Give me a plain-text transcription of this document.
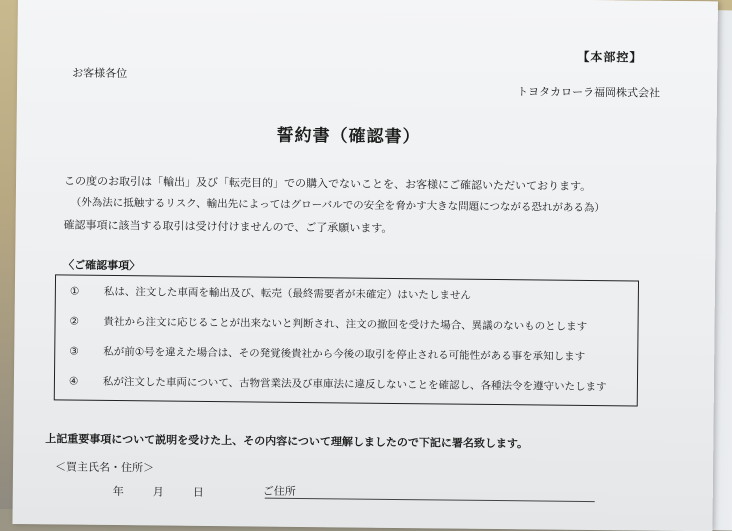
【本部控】
お客様各位
トヨタカローラ福岡株式会社
誓約書（確認書）
この度のお取引は「輸出」及び「転売目的」での購入でないことを、お客様にご確認いただいております。
（外為法に抵触するリスク、輸出先によってはグローバルでの安全を脅かす大きな問題につながる恐れがある為）
確認事項に該当する取引は受け付けませんので、ご了承願います。
〈ご確認事項〉
① 私は、注文した車両を輸出及び、転売（最終需要者が未確定）はいたしません
② 貴社から注文に応じることが出来ないと判断され、注文の撤回を受けた場合、異議のないものとします
③ 私が前①号を違えた場合は、その発覚後貴社から今後の取引を停止される可能性がある事を承知します
④ 私が注文した車両について、古物営業法及び車庫法に違反しないことを確認し、各種法令を遵守いたします
上記重要事項について説明を受けた上、その内容について理解しましたので下記に署名致します。
＜買主氏名・住所＞
年	月	日	ご住所
